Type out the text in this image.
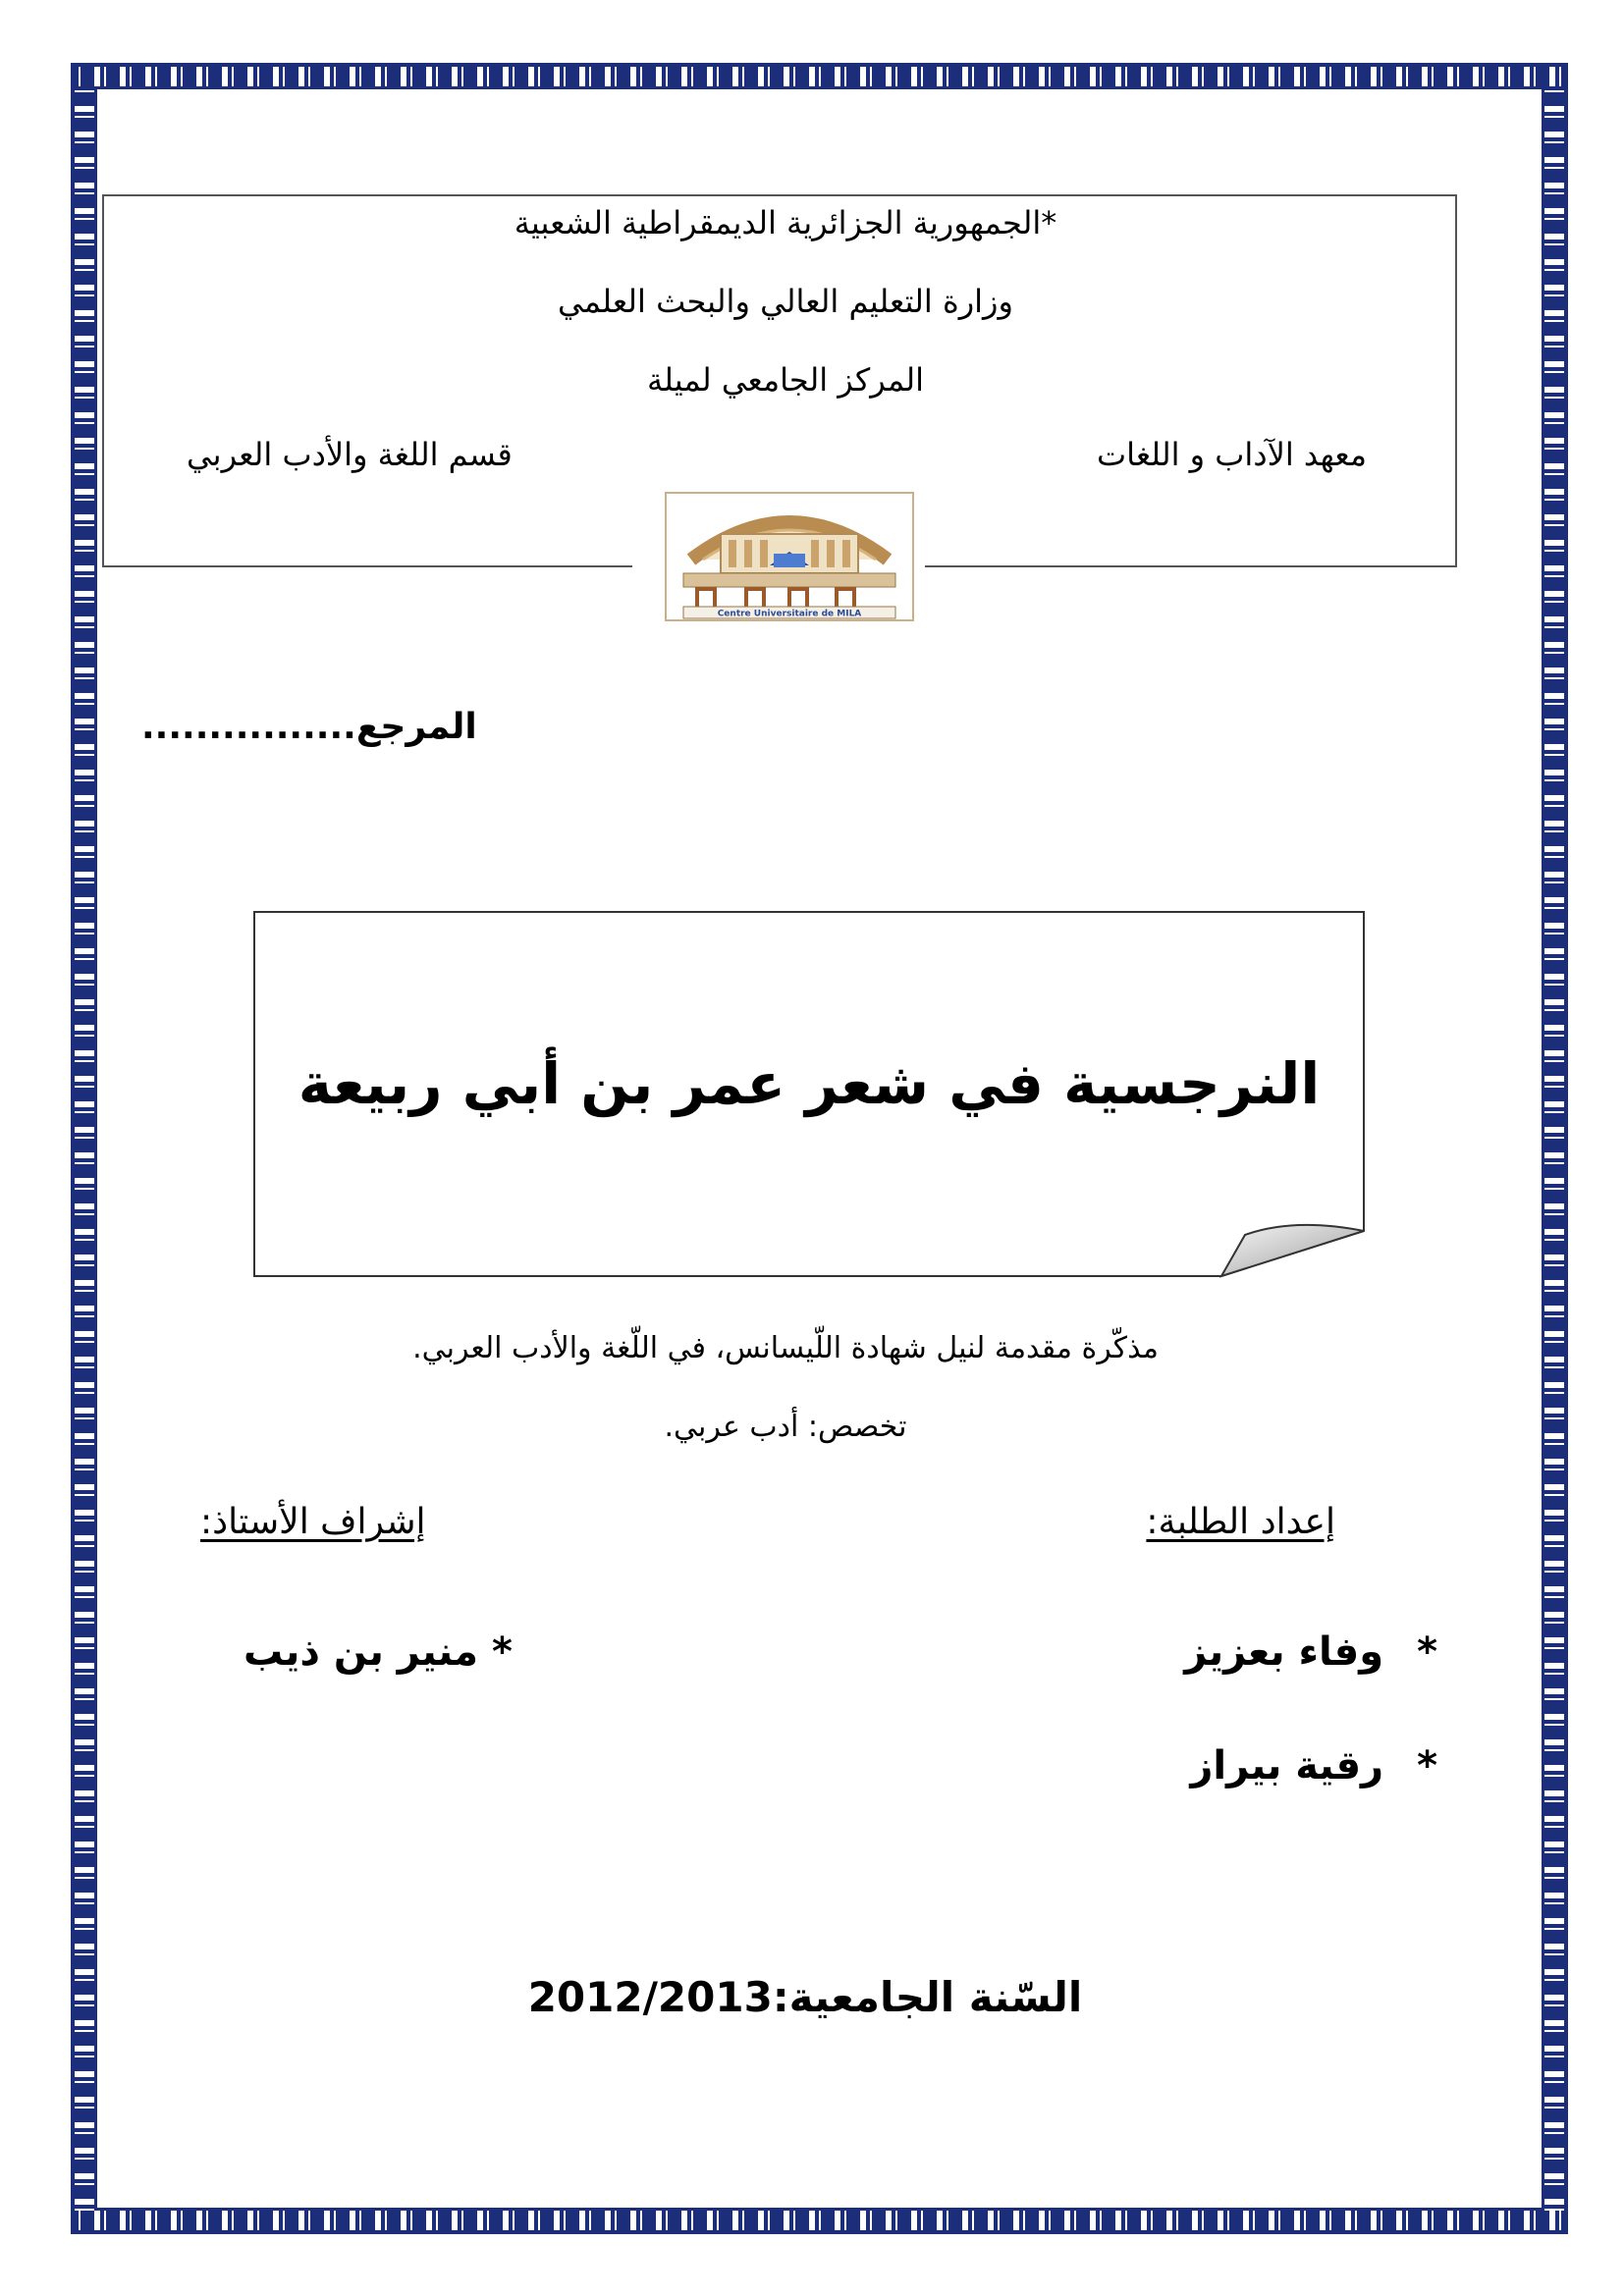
*الجمهورية الجزائرية الديمقراطية الشعبية
وزارة التعليم العالي والبحث العلمي
المركز الجامعي لميلة
معهد الآداب و اللغات
قسم اللغة والأدب العربي
Centre Universitaire de MILA
................المرجع
النرجسية في شعر عمر بن أبي ربيعة
مذكّرة مقدمة لنيل شهادة اللّيسانس، في اللّغة والأدب العربي.
تخصص: أدب عربي.
إعداد الطلبة:
إشراف الأستاذ:
*وفاء بعزيز
*رقية بيراز
* منير بن ذيب
السّنة الجامعية:2012/2013
